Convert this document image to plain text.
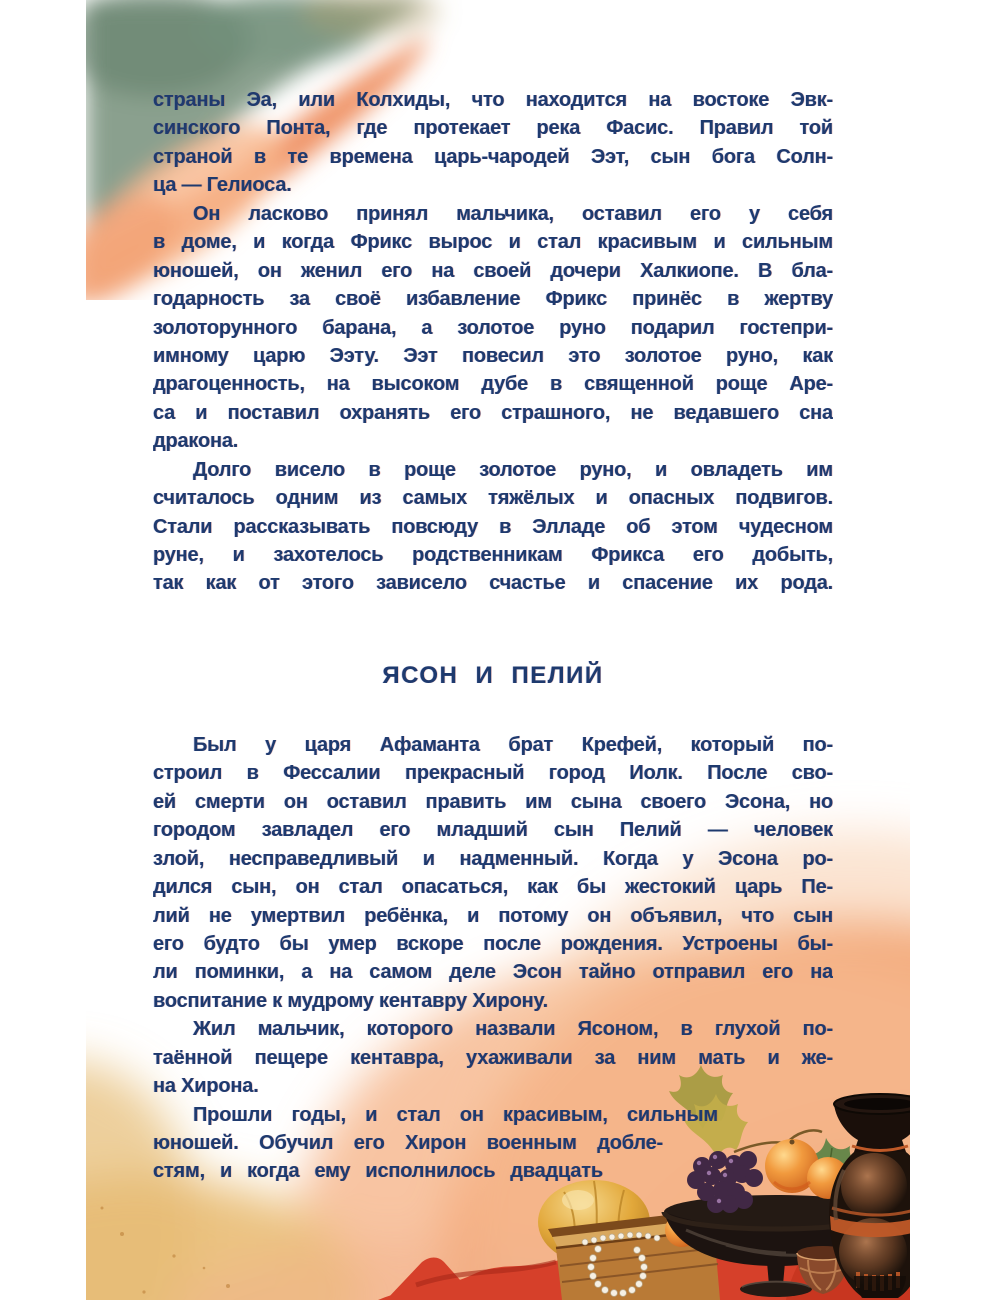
страны Эа, или Колхиды, что находится на востоке Эвк-
синского Понта, где протекает река Фасис. Правил той
страной в те времена царь-чародей Ээт, сын бога Солн-
ца — Гелиоса.
Он ласково принял мальчика, оставил его у себя
в доме, и когда Фрикс вырос и стал красивым и сильным
юношей, он женил его на своей дочери Халкиопе. В бла-
годарность за своё избавление Фрикс принёс в жертву
золоторунного барана, а золотое руно подарил гостепри-
имному царю Ээту. Ээт повесил это золотое руно, как
драгоценность, на высоком дубе в священной роще Аре-
са и поставил охранять его страшного, не ведавшего сна
дракона.
Долго висело в роще золотое руно, и овладеть им
считалось одним из самых тяжёлых и опасных подвигов.
Стали рассказывать повсюду в Элладе об этом чудесном
руне, и захотелось родственникам Фрикса его добыть,
так как от этого зависело счастье и спасение их рода.
ЯСОН И ПЕЛИЙ
Был у царя Афаманта брат Крефей, который по-
строил в Фессалии прекрасный город Иолк. После сво-
ей смерти он оставил править им сына своего Эсона, но
городом завладел его младший сын Пелий — человек
злой, несправедливый и надменный. Когда у Эсона ро-
дился сын, он стал опасаться, как бы жестокий царь Пе-
лий не умертвил ребёнка, и потому он объявил, что сын
его будто бы умер вскоре после рождения. Устроены бы-
ли поминки, а на самом деле Эсон тайно отправил его на
воспитание к мудрому кентавру Хирону.
Жил мальчик, которого назвали Ясоном, в глухой по-
таённой пещере кентавра, ухаживали за ним мать и же-
на Хирона.
Прошли годы, и стал он красивым, сильным
юношей. Обучил его Хирон военным добле-
стям, и когда ему исполнилось двадцать
